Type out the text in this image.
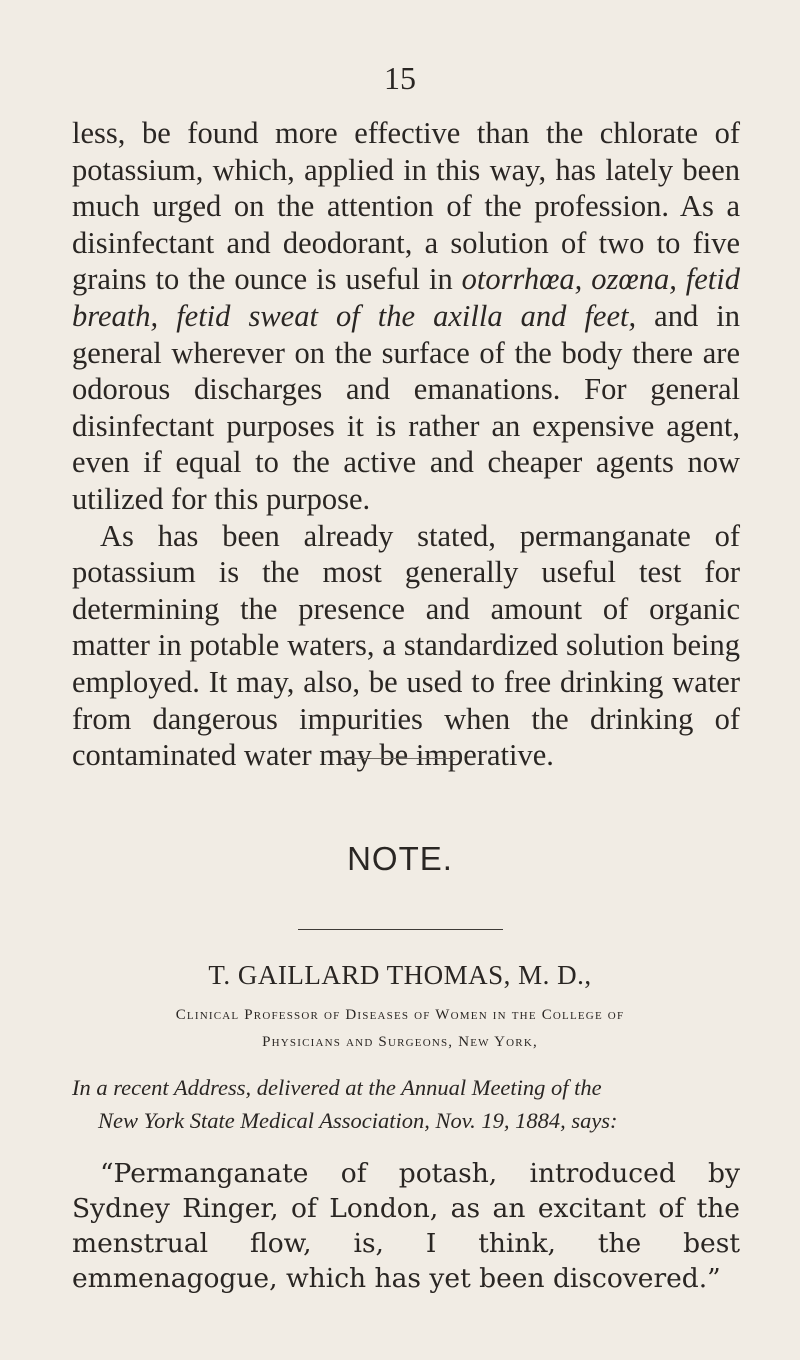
15

less, be found more effective than the chlorate of potassium, which, applied in this way, has lately been much urged on the attention of the profession. As a disinfectant and deodorant, a solution of two to five grains to the ounce is useful in otorrhœa, ozœna, fetid breath, fetid sweat of the axilla and feet, and in general wherever on the surface of the body there are odorous discharges and emanations. For general disinfectant purposes it is rather an expensive agent, even if equal to the active and cheaper agents now utilized for this purpose.

As has been already stated, permanganate of potassium is the most generally useful test for determining the presence and amount of organic matter in potable waters, a standardized solution being employed. It may, also, be used to free drinking water from dangerous impurities when the drinking of contaminated water may be imperative.

NOTE.
T. GAILLARD THOMAS, M. D.,
Clinical Professor of Diseases of Women in the College of
Physicians and Surgeons, New York,
In a recent Address, delivered at the Annual Meeting of the
New York State Medical Association, Nov. 19, 1884, says:

“Permanganate of potash, introduced by Sydney Ringer, of London, as an excitant of the menstrual flow, is, I think, the best emmenagogue, which has yet been discovered.”
